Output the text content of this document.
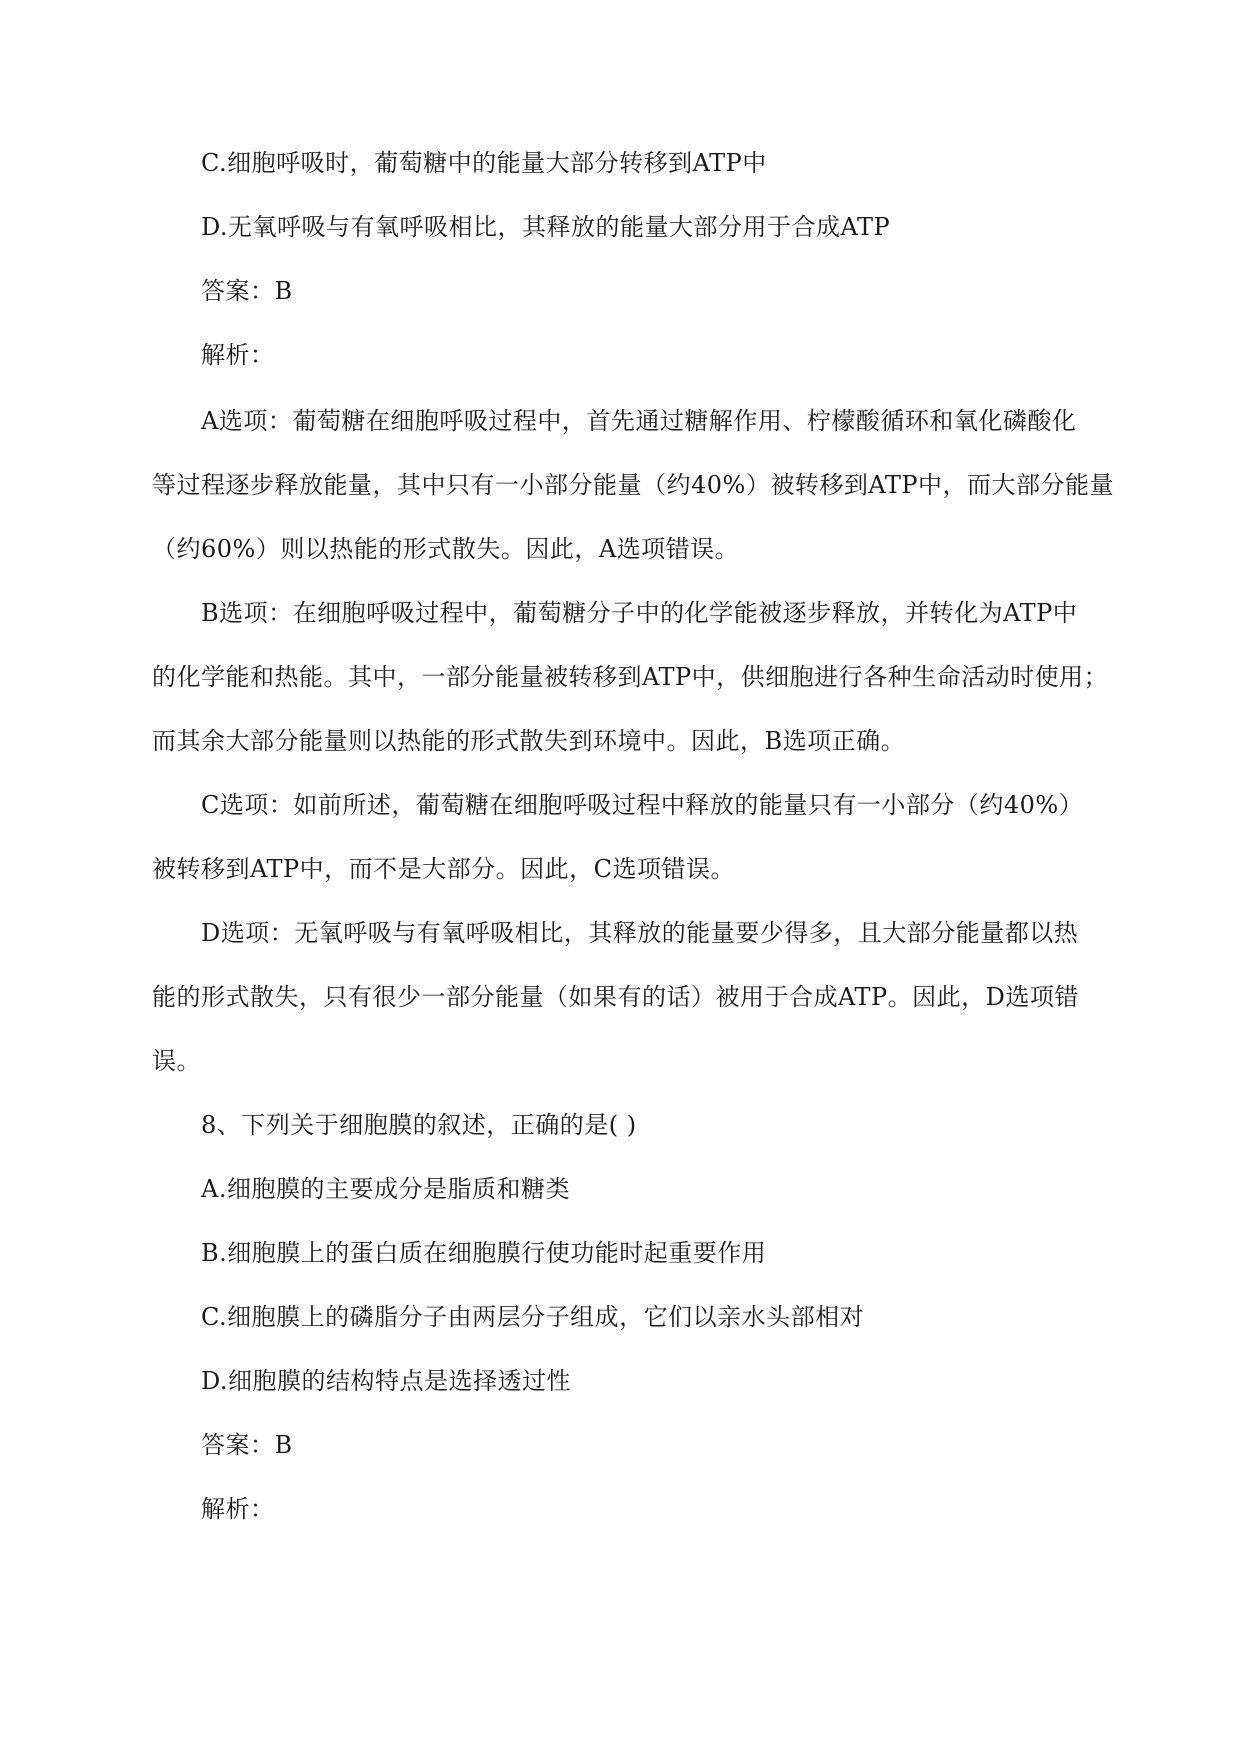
C.细胞呼吸时，葡萄糖中的能量大部分转移到ATP中
D.无氧呼吸与有氧呼吸相比，其释放的能量大部分用于合成ATP
答案：B
解析：
A选项：葡萄糖在细胞呼吸过程中，首先通过糖解作用、柠檬酸循环和氧化磷酸化
等过程逐步释放能量，其中只有一小部分能量（约40%）被转移到ATP中，而大部分能量
（约60%）则以热能的形式散失。因此，A选项错误。
B选项：在细胞呼吸过程中，葡萄糖分子中的化学能被逐步释放，并转化为ATP中
的化学能和热能。其中，一部分能量被转移到ATP中，供细胞进行各种生命活动时使用；
而其余大部分能量则以热能的形式散失到环境中。因此，B选项正确。
C选项：如前所述，葡萄糖在细胞呼吸过程中释放的能量只有一小部分（约40%）
被转移到ATP中，而不是大部分。因此，C选项错误。
D选项：无氧呼吸与有氧呼吸相比，其释放的能量要少得多，且大部分能量都以热
能的形式散失，只有很少一部分能量（如果有的话）被用于合成ATP。因此，D选项错
误。
8、下列关于细胞膜的叙述，正确的是( )
A.细胞膜的主要成分是脂质和糖类
B.细胞膜上的蛋白质在细胞膜行使功能时起重要作用
C.细胞膜上的磷脂分子由两层分子组成，它们以亲水头部相对
D.细胞膜的结构特点是选择透过性
答案：B
解析：
